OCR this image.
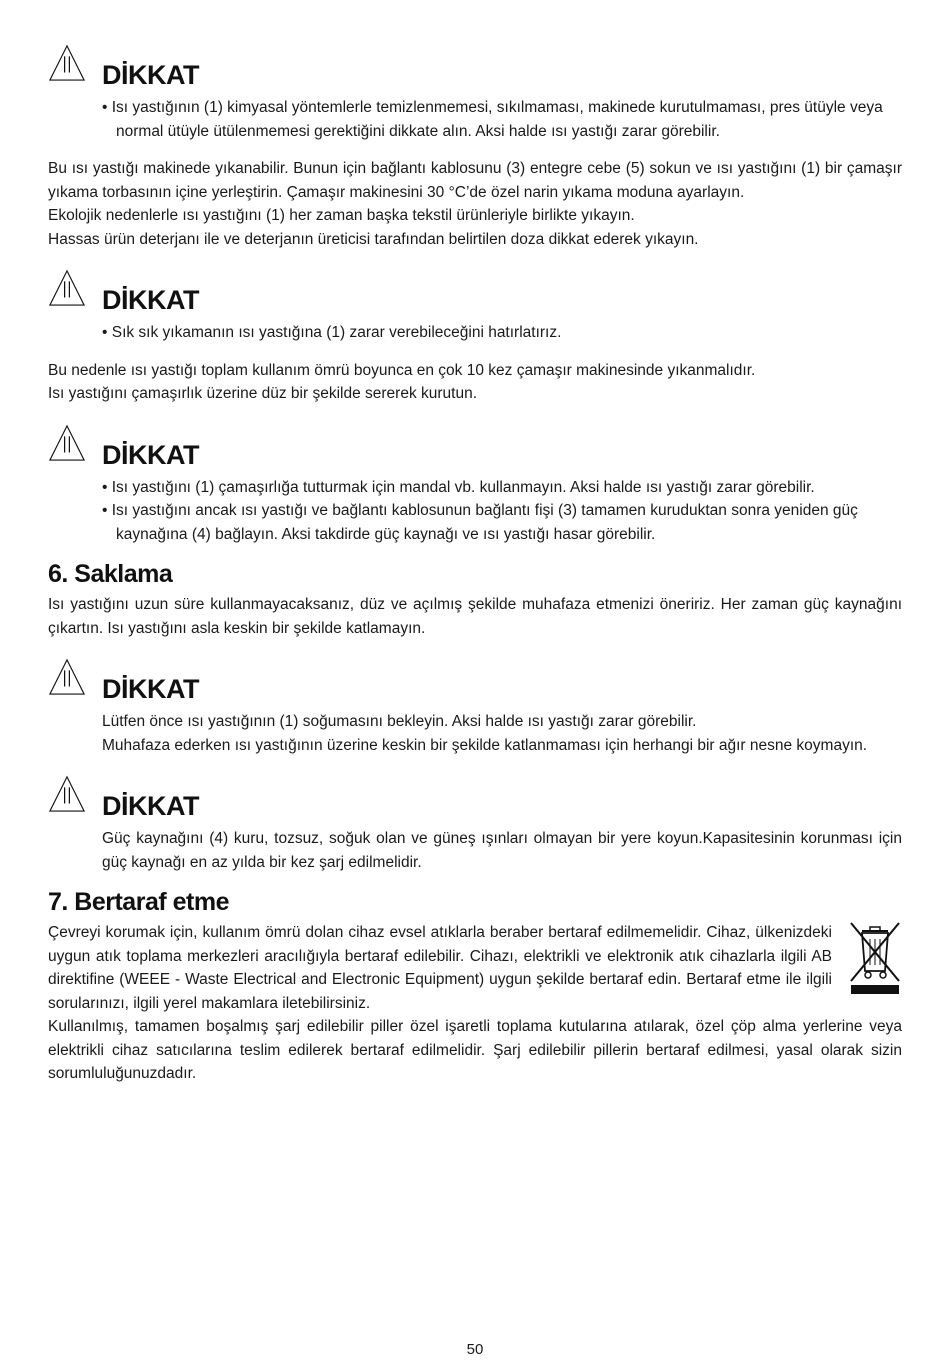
DİKKAT
• Isı yastığının (1) kimyasal yöntemlerle temizlenmemesi, sıkılmaması, makinede kurutulmaması, pres ütüyle veya normal ütüyle ütülenmemesi gerektiğini dikkate alın. Aksi halde ısı yastığı zarar görebilir.

Bu ısı yastığı makinede yıkanabilir. Bunun için bağlantı kablosunu (3) entegre cebe (5) sokun ve ısı yastığını (1) bir çamaşır yıkama torbasının içine yerleştirin. Çamaşır makinesini 30 °C’de özel narin yıkama moduna ayarlayın.

Ekolojik nedenlerle ısı yastığını (1) her zaman başka tekstil ürünleriyle birlikte yıkayın.

Hassas ürün deterjanı ile ve deterjanın üreticisi tarafından belirtilen doza dikkat ederek yıkayın.

DİKKAT
• Sık sık yıkamanın ısı yastığına (1) zarar verebileceğini hatırlatırız.

Bu nedenle ısı yastığı toplam kullanım ömrü boyunca en çok 10 kez çamaşır makinesinde yıkanmalıdır.

Isı yastığını çamaşırlık üzerine düz bir şekilde sererek kurutun.

DİKKAT
• Isı yastığını (1) çamaşırlığa tutturmak için mandal vb. kullanmayın. Aksi halde ısı yastığı zarar görebilir.
• Isı yastığını ancak ısı yastığı ve bağlantı kablosunun bağlantı fişi (3) tamamen kuruduktan sonra yeniden güç kaynağına (4) bağlayın. Aksi takdirde güç kaynağı ve ısı yastığı hasar görebilir.
6. Saklama

Isı yastığını uzun süre kullanmayacaksanız, düz ve açılmış şekilde muhafaza etmenizi öneririz. Her zaman güç kaynağını çıkartın. Isı yastığını asla keskin bir şekilde katlamayın.

DİKKAT

Lütfen önce ısı yastığının (1) soğumasını bekleyin. Aksi halde ısı yastığı zarar görebilir.

Muhafaza ederken ısı yastığının üzerine keskin bir şekilde katlanmaması için herhangi bir ağır nesne koymayın.

DİKKAT

Güç kaynağını (4) kuru, tozsuz, soğuk olan ve güneş ışınları olmayan bir yere koyun.Kapasitesinin korunması için güç kaynağı en az yılda bir kez şarj edilmelidir.

7. Bertaraf etme

Çevreyi korumak için, kullanım ömrü dolan cihaz evsel atıklarla beraber bertaraf edilmemelidir. Cihaz, ülkenizdeki uygun atık toplama merkezleri aracılığıyla bertaraf edilebilir. Cihazı, elektrikli ve elektronik atık cihazlarla ilgili AB direktifine (WEEE - Waste Electrical and Electronic Equipment) uygun şekilde bertaraf edin. Bertaraf etme ile ilgili sorularınızı, ilgili yerel makamlara iletebilirsiniz.

Kullanılmış, tamamen boşalmış şarj edilebilir piller özel işaretli toplama kutularına atılarak, özel çöp alma yerlerine veya elektrikli cihaz satıcılarına teslim edilerek bertaraf edilmelidir. Şarj edilebilir pillerin bertaraf edilmesi, yasal olarak sizin sorumluluğunuzdadır.

50
